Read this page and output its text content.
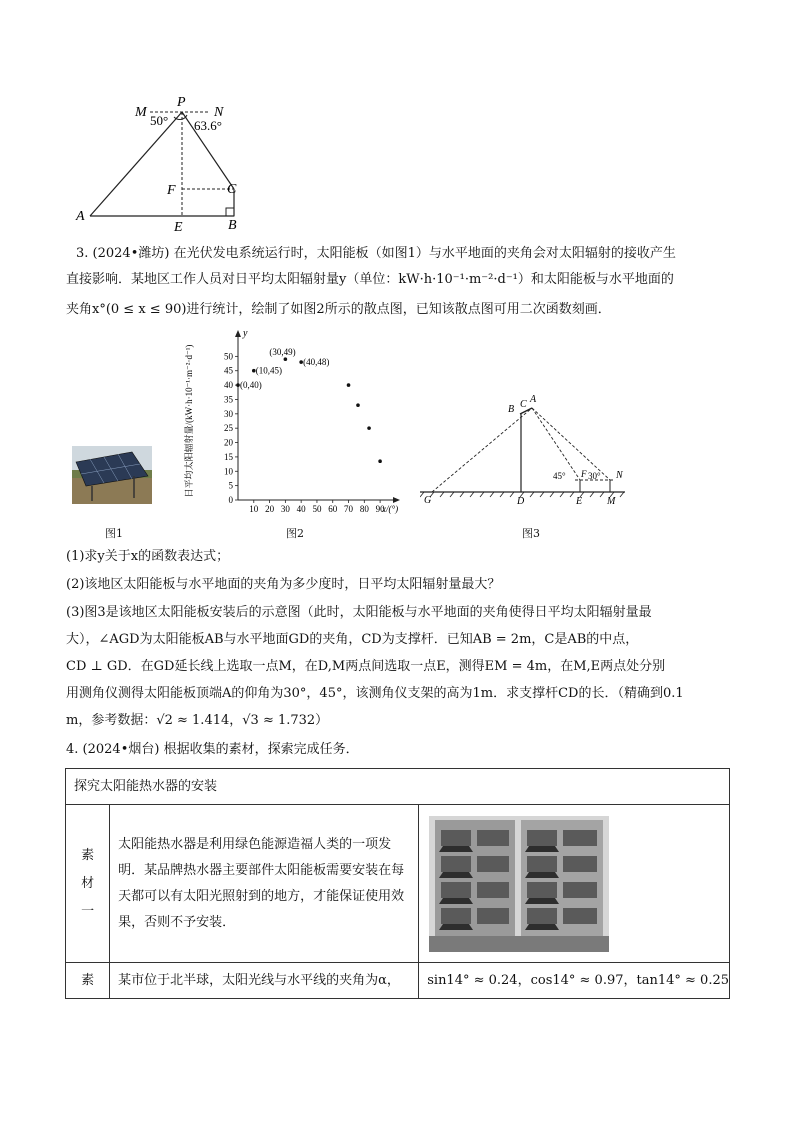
M
P
N
50° 63.6°
F	C
A
E	B
3. (2024•潍坊) 在光伏发电系统运行时，太阳能板（如图1）与水平地面的夹角会对太阳辐射的接收产生
直接影响．某地区工作人员对日平均太阳辐射量y（单位：kW·h·10⁻¹·m⁻²·d⁻¹）和太阳能板与水平地面的
夹角x°(0 ≤ x ≤ 90)进行统计，绘制了如图2所示的散点图，已知该散点图可用二次函数刻画．
图1
0
5
10
15
20
25
30
35
40
45
50
10 20 30 40 50 60 70 80 90
x/(°)
y
日平均太阳辐射量/(kW·h·10⁻¹·m⁻²·d⁻¹)	(0,40)
(10,45)
(30,49)
(40,48)
图2
B C A
G	D	E M
F	N
45° 30°
图3
(1)求y关于x的函数表达式；
(2)该地区太阳能板与水平地面的夹角为多少度时，日平均太阳辐射量最大？
(3)图3是该地区太阳能板安装后的示意图（此时，太阳能板与水平地面的夹角使得日平均太阳辐射量最
大），∠AGD为太阳能板AB与水平地面GD的夹角，CD为支撑杆．已知AB = 2m，C是AB的中点，
CD ⊥ GD．在GD延长线上选取一点M，在D,M两点间选取一点E，测得EM = 4m，在M,E两点处分别
用测角仪测得太阳能板顶端A的仰角为30°，45°，该测角仪支架的高为1m．求支撑杆CD的长．（精确到0.1
m，参考数据：√2 ≈ 1.414，√3 ≈ 1.732）
4. (2024•烟台) 根据收集的素材，探索完成任务．
探究太阳能热水器的安装		

素材一	太阳能热水器是利用绿色能源造福人类的一项发明．某品牌热水器主要部件太阳能板需要安装在每天都可以有太阳光照射到的地方，才能保证使用效果，否则不予安装．	

素	某市位于北半球，太阳光线与水平线的夹角为α，	sin14° ≈ 0.24，cos14° ≈ 0.97，tan14° ≈ 0.25
